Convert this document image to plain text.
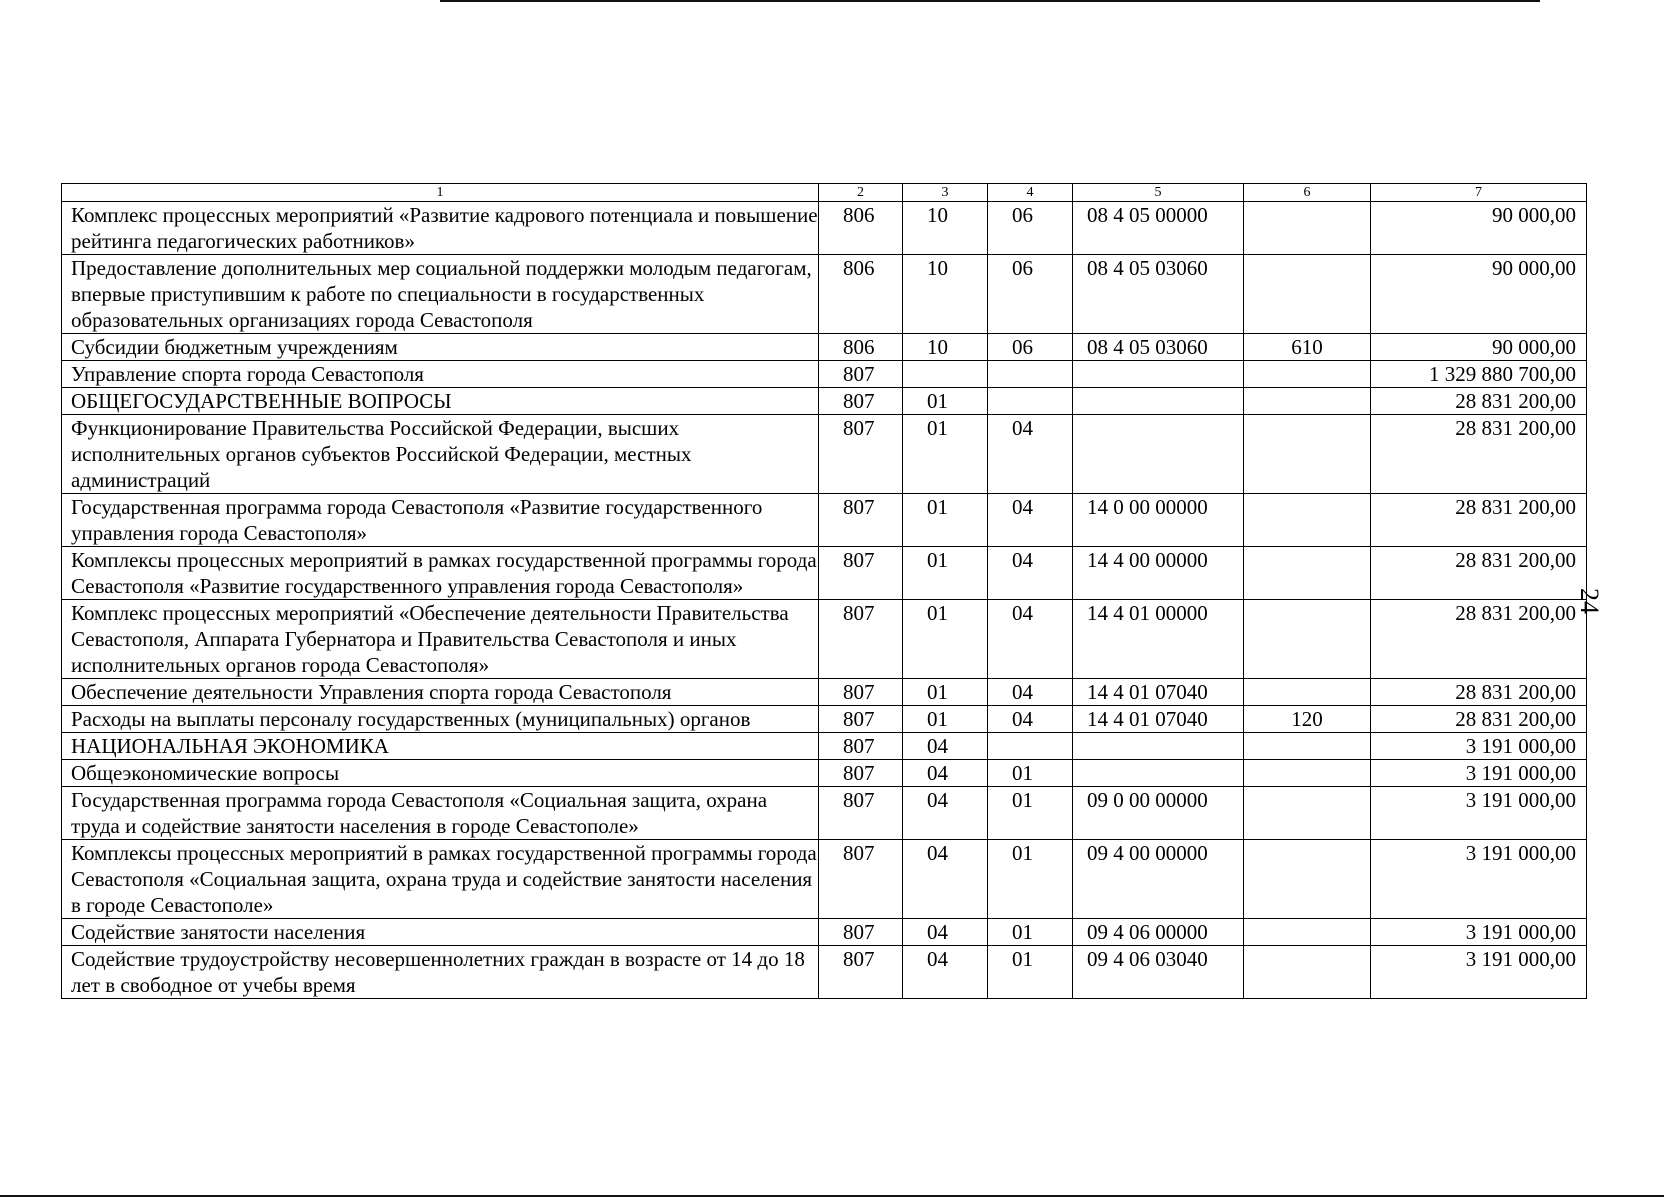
1	2	3	4	5	6	7
Комплекс процессных мероприятий «Развитие кадрового потенциала и повышение рейтинга педагогических работников»	806	10	06	08 4 05 00000		90 000,00
Предоставление дополнительных мер социальной поддержки молодым педагогам, впервые приступившим к работе по специальности в государственных образовательных организациях города Севастополя	806	10	06	08 4 05 03060		90 000,00
Субсидии бюджетным учреждениям	806	10	06	08 4 05 03060	610	90 000,00
Управление спорта города Севастополя	807					1 329 880 700,00
ОБЩЕГОСУДАРСТВЕННЫЕ ВОПРОСЫ	807	01				28 831 200,00
Функционирование Правительства Российской Федерации, высших исполнительных органов субъектов Российской Федерации, местных администраций	807	01	04			28 831 200,00
Государственная программа города Севастополя «Развитие государственного управления города Севастополя»	807	01	04	14 0 00 00000		28 831 200,00
Комплексы процессных мероприятий в рамках государственной программы города Севастополя «Развитие государственного управления города Севастополя»	807	01	04	14 4 00 00000		28 831 200,00
Комплекс процессных мероприятий «Обеспечение деятельности Правительства Севастополя, Аппарата Губернатора и Правительства Севастополя и иных исполнительных органов города Севастополя»	807	01	04	14 4 01 00000		28 831 200,00
Обеспечение деятельности Управления спорта города Севастополя	807	01	04	14 4 01 07040		28 831 200,00
Расходы на выплаты персоналу государственных (муниципальных) органов	807	01	04	14 4 01 07040	120	28 831 200,00
НАЦИОНАЛЬНАЯ ЭКОНОМИКА	807	04				3 191 000,00
Общеэкономические вопросы	807	04	01			3 191 000,00
Государственная программа города Севастополя «Социальная защита, охрана труда и содействие занятости населения в городе Севастополе»	807	04	01	09 0 00 00000		3 191 000,00
Комплексы процессных мероприятий в рамках государственной программы города Севастополя «Социальная защита, охрана труда и содействие занятости населения в городе Севастополе»	807	04	01	09 4 00 00000		3 191 000,00
Содействие занятости населения	807	04	01	09 4 06 00000		3 191 000,00
Содействие трудоустройству несовершеннолетних граждан в возрасте от 14 до 18 лет в свободное от учебы время	807	04	01	09 4 06 03040		3 191 000,00
24
